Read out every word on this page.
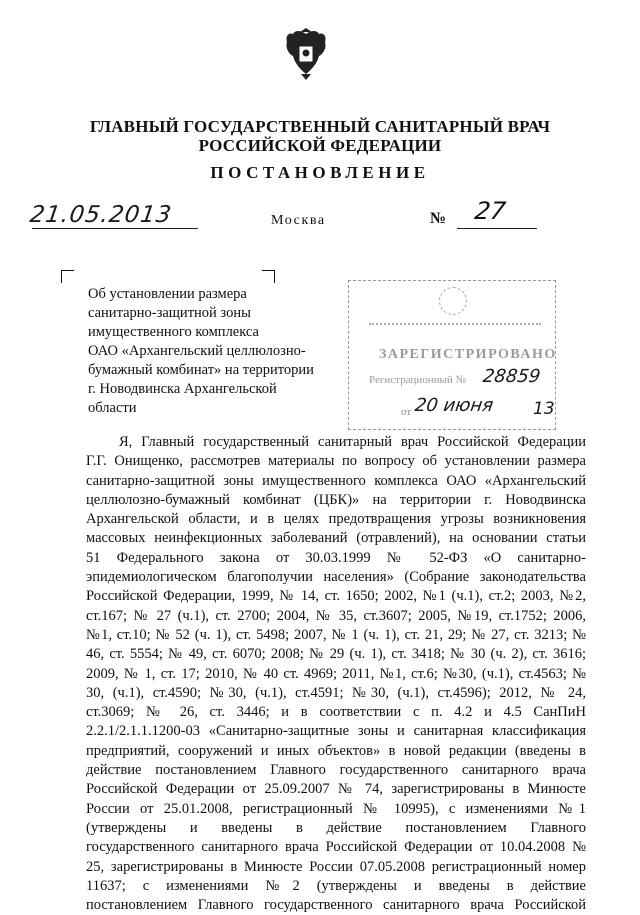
ГЛАВНЫЙ ГОСУДАРСТВЕННЫЙ САНИТАРНЫЙ ВРАЧ
РОССИЙСКОЙ ФЕДЕРАЦИИ
ПОСТАНОВЛЕНИЕ
21.05.2013	Москва	№ 27

Об установлении размера

санитарно-защитной зоны

имущественного комплекса

ОАО «Архангельский целлюлозно-

бумажный комбинат» на территории

г. Новодвинска Архангельской

области

ЗАРЕГИСТРИРОВАНО
Регистрационный № 28859
от 20 июня 13
Я, Главный государственный санитарный врач Российской Федерации
Г.Г. Онищенко, рассмотрев материалы по вопросу об установлении размера
санитарно-защитной зоны имущественного комплекса ОАО «Архангельский
целлюлозно-бумажный комбинат (ЦБК)» на территории г. Новодвинска
Архангельской области, и в целях предотвращения угрозы возникновения
массовых неинфекционных заболеваний (отравлений), на основании статьи
51 Федерального закона от 30.03.1999 № 52-ФЗ «О санитарно-
эпидемиологическом благополучии населения» (Собрание законодательства
Российской Федерации, 1999, № 14, ст. 1650; 2002, №1 (ч.1), ст.2; 2003, №2,
ст.167; № 27 (ч.1), ст. 2700; 2004, № 35, ст.3607; 2005, №19, ст.1752; 2006,
№1, ст.10; № 52 (ч. 1), ст. 5498; 2007, № 1 (ч. 1), ст. 21, 29; № 27, ст. 3213; №
46, ст. 5554; № 49, ст. 6070; 2008; № 29 (ч. 1), ст. 3418; № 30 (ч. 2), ст. 3616;
2009, № 1, ст. 17; 2010, № 40 ст. 4969; 2011, №1, ст.6; №30, (ч.1), ст.4563; №
30, (ч.1), ст.4590; №30, (ч.1), ст.4591; №30, (ч.1), ст.4596); 2012, № 24,
ст.3069; № 26, ст. 3446; и в соответствии с п. 4.2 и 4.5 СанПиН
2.2.1/2.1.1.1200-03 «Санитарно-защитные зоны и санитарная классификация
предприятий, сооружений и иных объектов» в новой редакции (введены в
действие постановлением Главного государственного санитарного врача
Российской Федерации от 25.09.2007 № 74, зарегистрированы в Минюсте
России от 25.01.2008, регистрационный № 10995), с изменениями №1
(утверждены и введены в действие постановлением Главного
государственного санитарного врача Российской Федерации от 10.04.2008 №
25, зарегистрированы в Минюсте России 07.05.2008 регистрационный номер
11637; с изменениями №2 (утверждены и введены в действие
постановлением Главного государственного санитарного врача Российской
